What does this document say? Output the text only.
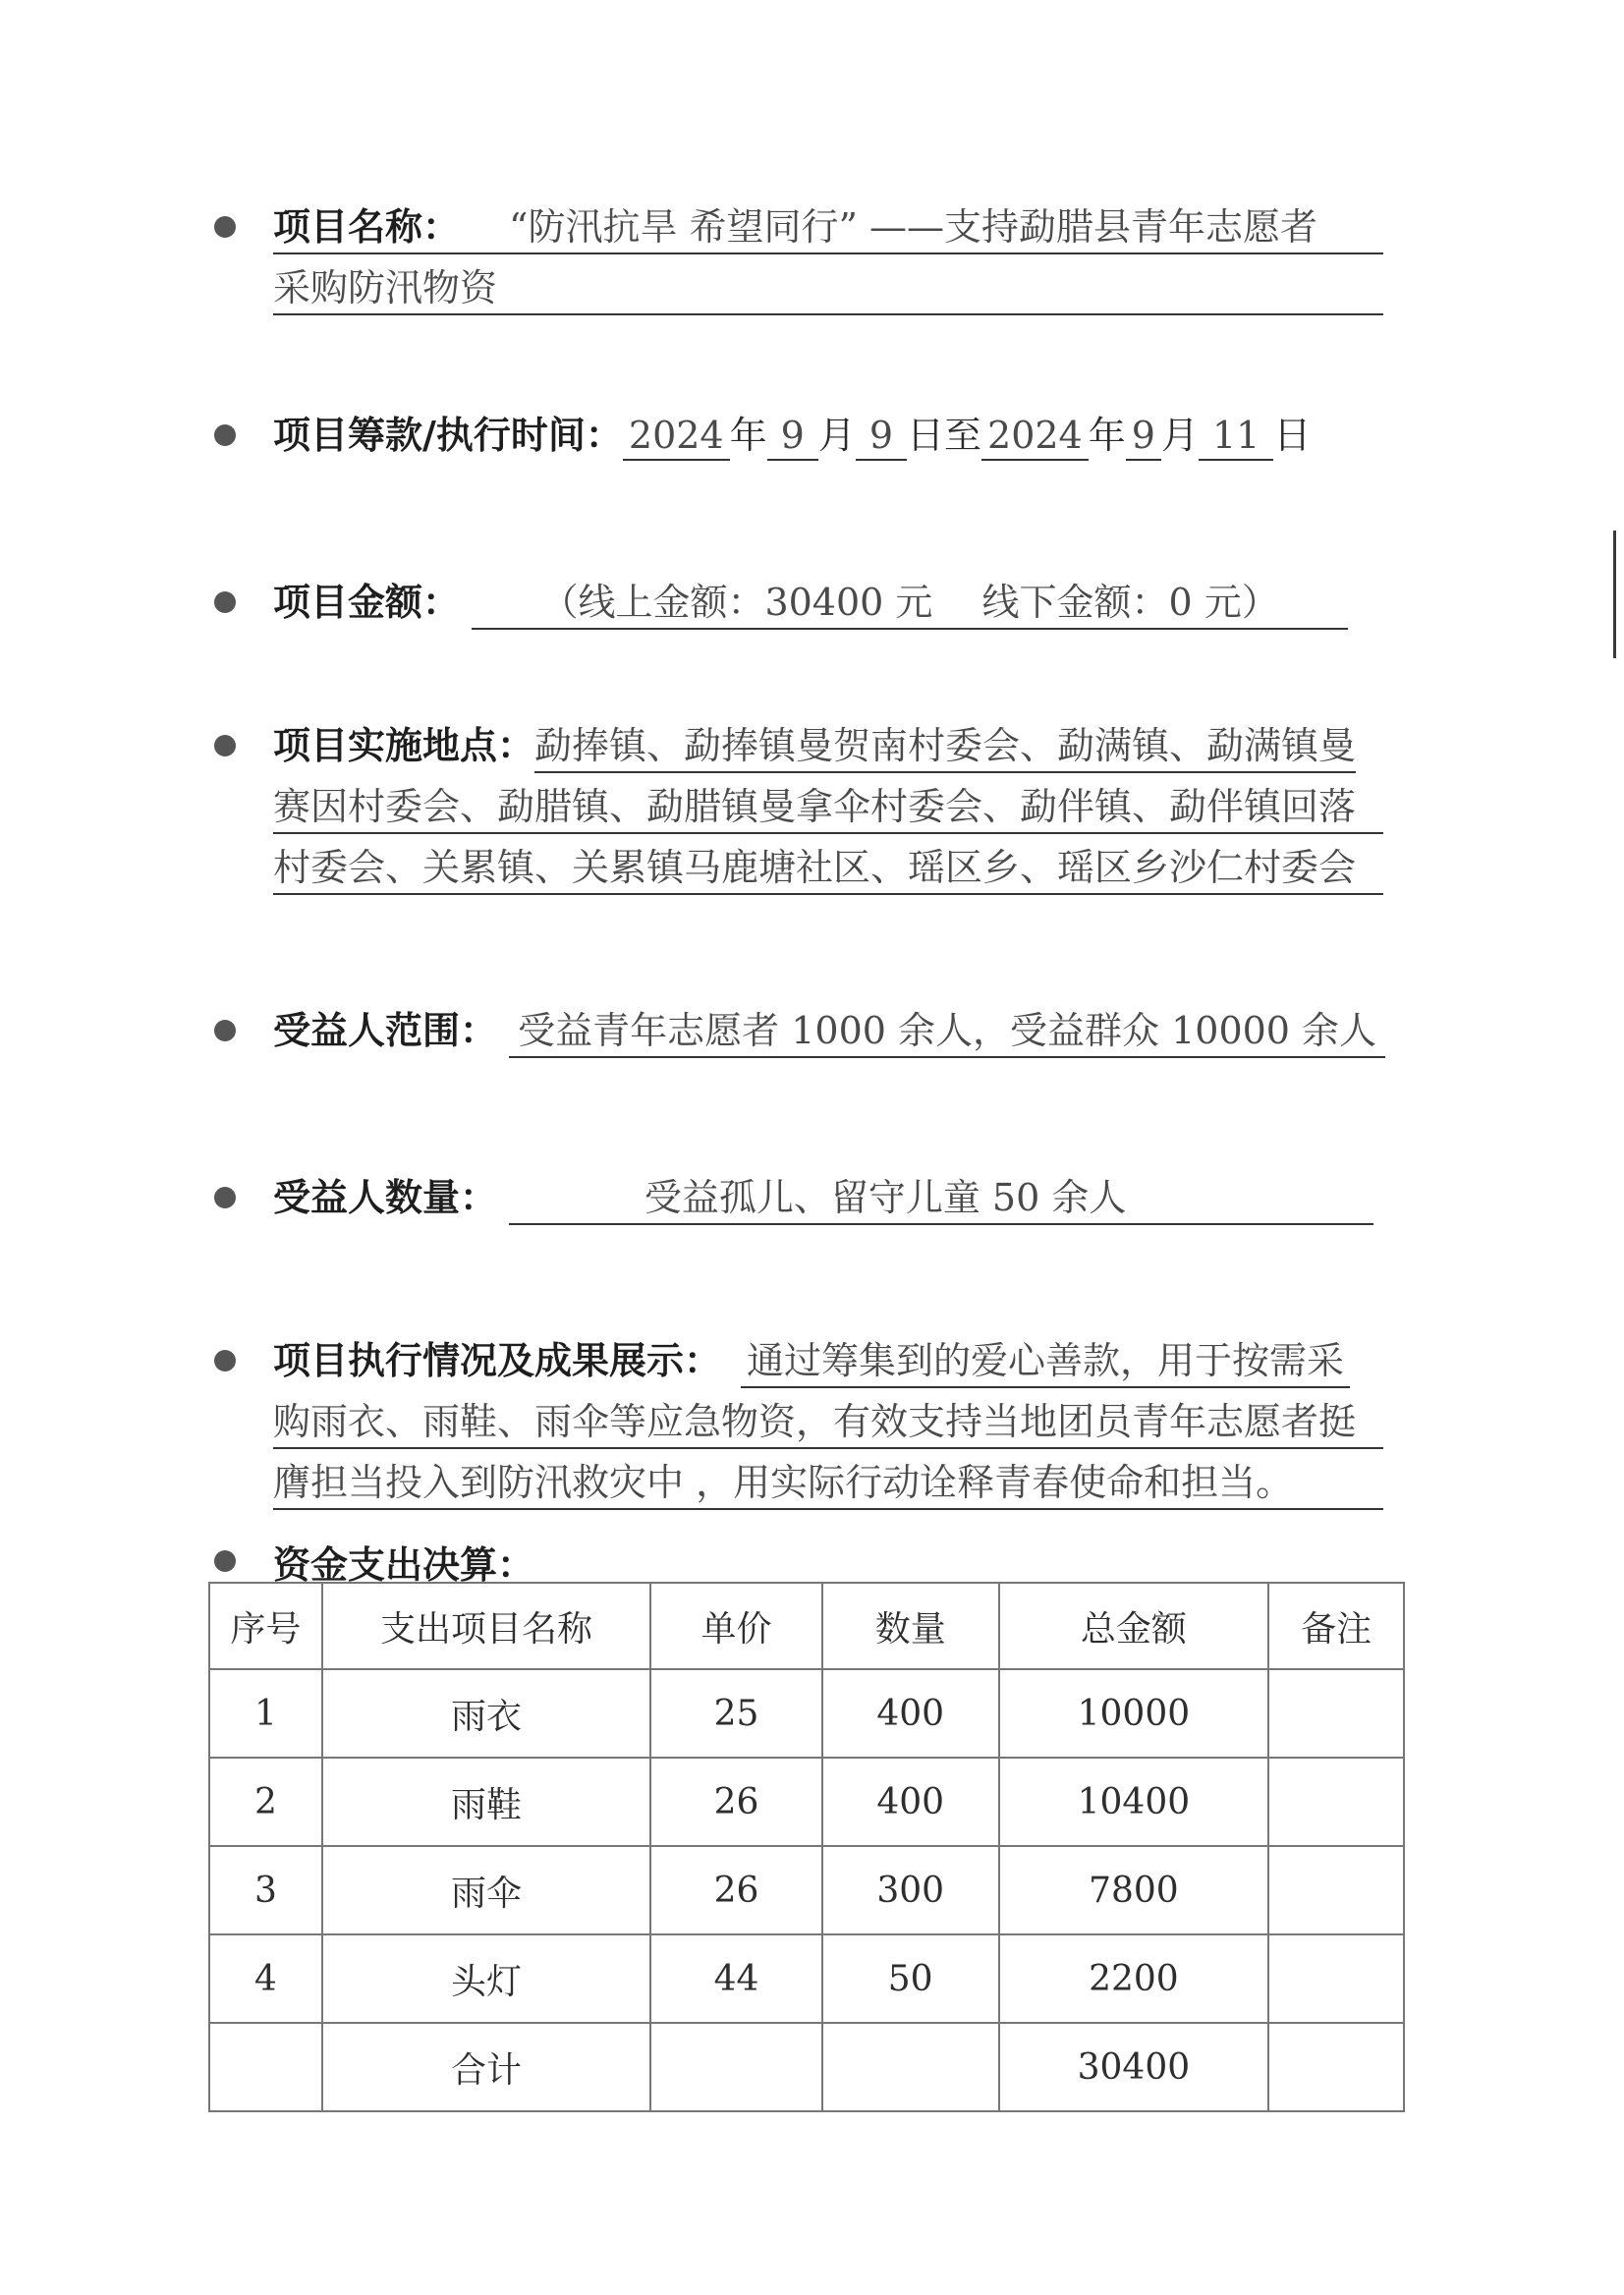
项目名称： “防汛抗旱 希望同行” ——支持勐腊县青年志愿者
采购防汛物资
项目筹款/执行时间： 2024 年 9 月 9 日至 2024 年 9 月 11 日
项目金额： （线上金额：30400 元　 线下金额：0 元）
项目实施地点：勐捧镇、勐捧镇曼贺南村委会、勐满镇、勐满镇曼
赛因村委会、勐腊镇、勐腊镇曼拿伞村委会、勐伴镇、勐伴镇回落
村委会、关累镇、关累镇马鹿塘社区、瑶区乡、瑶区乡沙仁村委会
受益人范围： 受益青年志愿者 1000 余人，受益群众 10000 余人
受益人数量：	受益孤儿、留守儿童 50 余人
项目执行情况及成果展示： 通过筹集到的爱心善款，用于按需采
购雨衣、雨鞋、雨伞等应急物资，有效支持当地团员青年志愿者挺
膺担当投入到防汛救灾中 ，用实际行动诠释青春使命和担当。
资金支出决算：
序号	支出项目名称	单价	数量	总金额	备注
1	雨衣	25	400	10000	
2	雨鞋	26	400	10400	
3	雨伞	26	300	7800	
4	头灯	44	50	2200	
	合计			30400	
